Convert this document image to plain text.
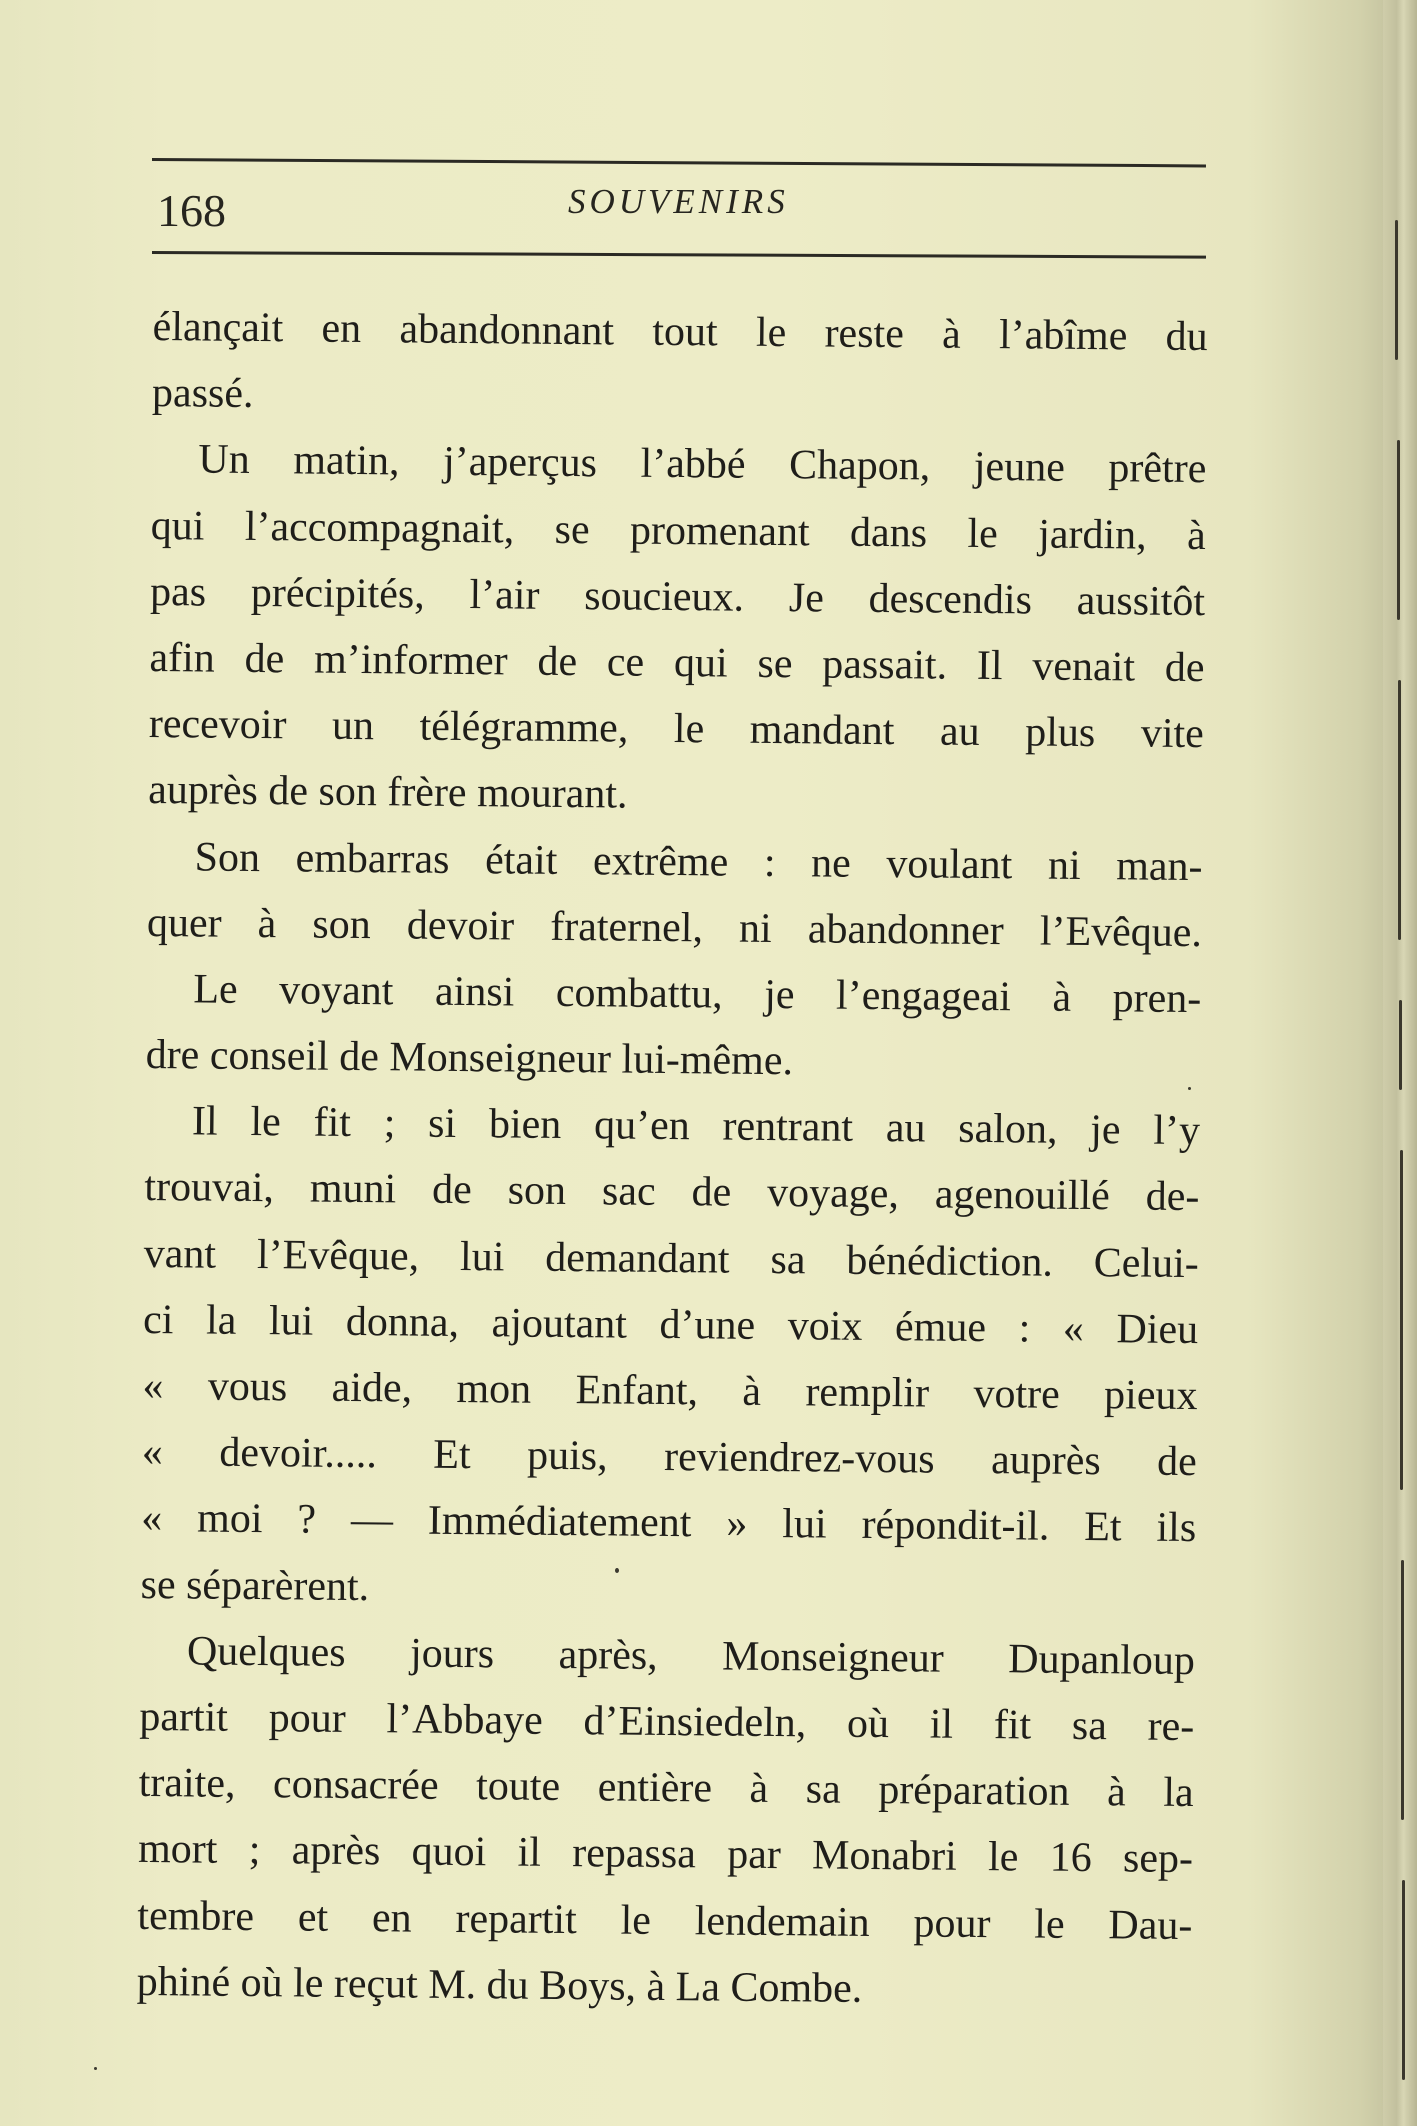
168	SOUVENIRS
élançait en abandonnant tout le reste à l’abîme du
passé.
Un matin, j’aperçus l’abbé Chapon, jeune prêtre
qui l’accompagnait, se promenant dans le jardin, à
pas précipités, l’air soucieux. Je descendis aussitôt
afin de m’informer de ce qui se passait. Il venait de
recevoir un télégramme, le mandant au plus vite
auprès de son frère mourant.
Son embarras était extrême : ne voulant ni man-
quer à son devoir fraternel, ni abandonner l’Evêque.
Le voyant ainsi combattu, je l’engageai à pren-
dre conseil de Monseigneur lui-même.
Il le fit ; si bien qu’en rentrant au salon, je l’y
trouvai, muni de son sac de voyage, agenouillé de-
vant l’Evêque, lui demandant sa bénédiction. Celui-
ci la lui donna, ajoutant d’une voix émue : « Dieu
« vous aide, mon Enfant, à remplir votre pieux
« devoir..... Et puis, reviendrez-vous auprès de
« moi ? — Immédiatement » lui répondit-il. Et ils
se séparèrent.
Quelques jours après, Monseigneur Dupanloup
partit pour l’Abbaye d’Einsiedeln, où il fit sa re-
traite, consacrée toute entière à sa préparation à la
mort ; après quoi il repassa par Monabri le 16 sep-
tembre et en repartit le lendemain pour le Dau-
phiné où le reçut M. du Boys, à La Combe.
